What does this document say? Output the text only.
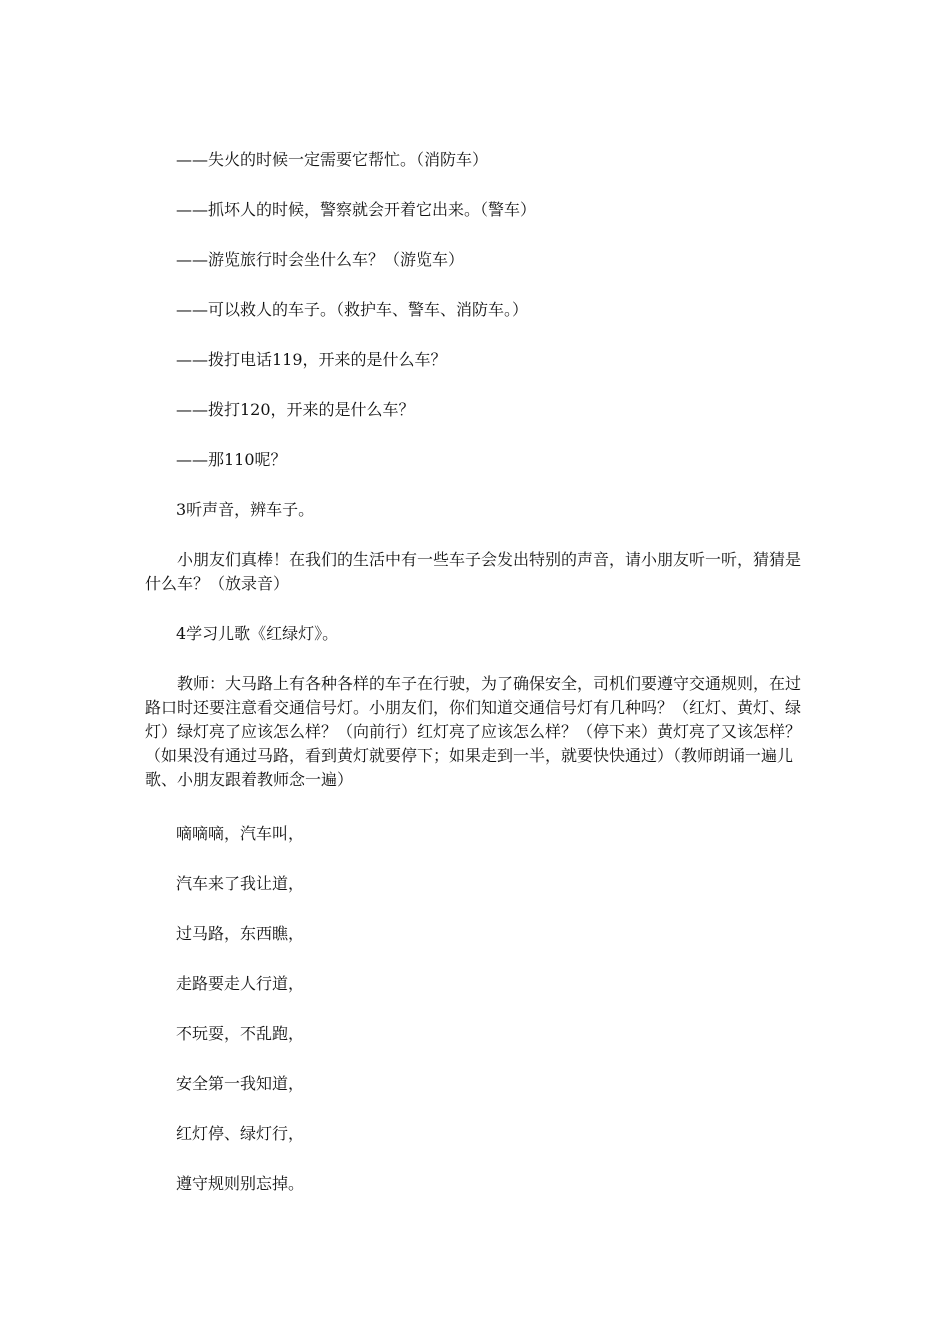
——失火的时候一定需要它帮忙。（消防车）
——抓坏人的时候，警察就会开着它出来。（警车）
——游览旅行时会坐什么车？（游览车）
——可以救人的车子。（救护车、警车、消防车。）
——拨打电话119，开来的是什么车？
——拨打120，开来的是什么车？
——那110呢？
3听声音，辨车子。
小朋友们真棒！在我们的生活中有一些车子会发出特别的声音，请小朋友听一听，猜猜是什么车？（放录音）
4学习儿歌《红绿灯》。
教师：大马路上有各种各样的车子在行驶，为了确保安全，司机们要遵守交通规则，在过路口时还要注意看交通信号灯。小朋友们，你们知道交通信号灯有几种吗？（红灯、黄灯、绿灯）绿灯亮了应该怎么样？（向前行）红灯亮了应该怎么样？（停下来）黄灯亮了又该怎样？（如果没有通过马路，看到黄灯就要停下；如果走到一半，就要快快通过）（教师朗诵一遍儿歌、小朋友跟着教师念一遍）
嘀嘀嘀，汽车叫，
汽车来了我让道，
过马路，东西瞧，
走路要走人行道，
不玩耍，不乱跑，
安全第一我知道，
红灯停、绿灯行，
遵守规则别忘掉。
